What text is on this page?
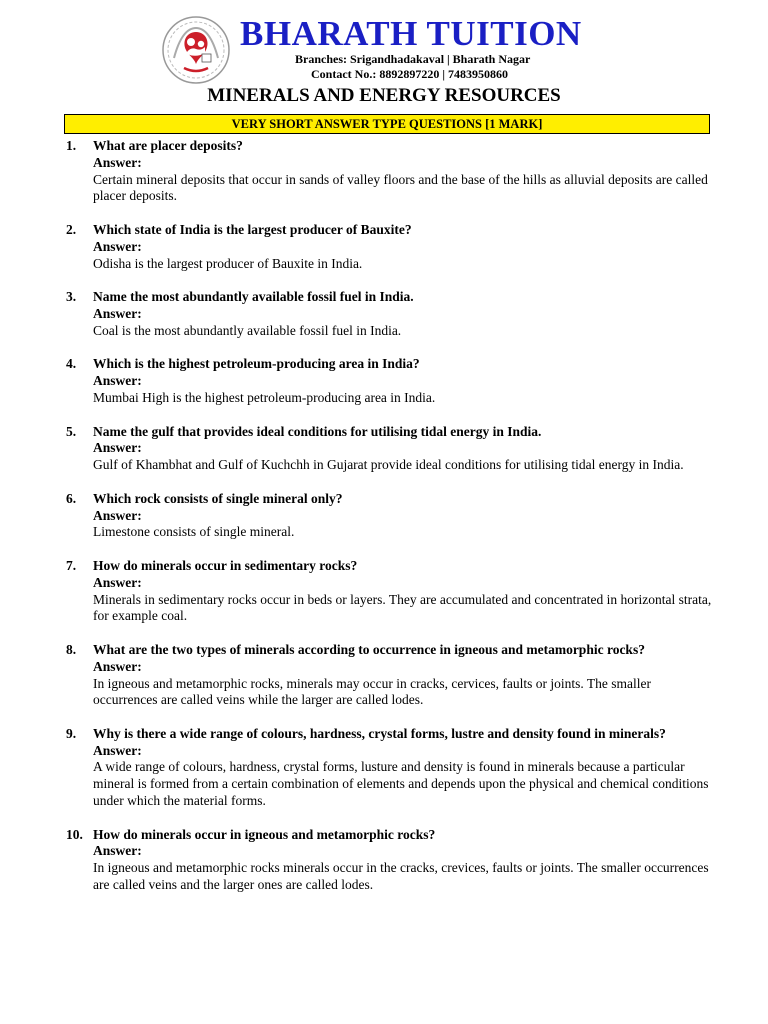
BHARATH TUITION
Branches: Srigandhadakaval | Bharath Nagar
Contact No.: 8892897220 | 7483950860
MINERALS AND ENERGY RESOURCES
VERY SHORT ANSWER TYPE QUESTIONS [1 MARK]
1. What are placer deposits?
Answer:
Certain mineral deposits that occur in sands of valley floors and the base of the hills as alluvial deposits are called placer deposits.
2. Which state of India is the largest producer of Bauxite?
Answer:
Odisha is the largest producer of Bauxite in India.
3. Name the most abundantly available fossil fuel in India.
Answer:
Coal is the most abundantly available fossil fuel in India.
4. Which is the highest petroleum-producing area in India?
Answer:
Mumbai High is the highest petroleum-producing area in India.
5. Name the gulf that provides ideal conditions for utilising tidal energy in India.
Answer:
Gulf of Khambhat and Gulf of Kuchchh in Gujarat provide ideal conditions for utilising tidal energy in India.
6. Which rock consists of single mineral only?
Answer:
Limestone consists of single mineral.
7. How do minerals occur in sedimentary rocks?
Answer:
Minerals in sedimentary rocks occur in beds or layers. They are accumulated and concentrated in horizontal strata, for example coal.
8. What are the two types of minerals according to occurrence in igneous and metamorphic rocks?
Answer:
In igneous and metamorphic rocks, minerals may occur in cracks, cervices, faults or joints. The smaller occurrences are called veins while the larger are called lodes.
9. Why is there a wide range of colours, hardness, crystal forms, lustre and density found in minerals?
Answer:
A wide range of colours, hardness, crystal forms, lusture and density is found in minerals because a particular mineral is formed from a certain combination of elements and depends upon the physical and chemical conditions under which the material forms.
10. How do minerals occur in igneous and metamorphic rocks?
Answer:
In igneous and metamorphic rocks minerals occur in the cracks, crevices, faults or joints. The smaller occurrences are called veins and the larger ones are called lodes.
